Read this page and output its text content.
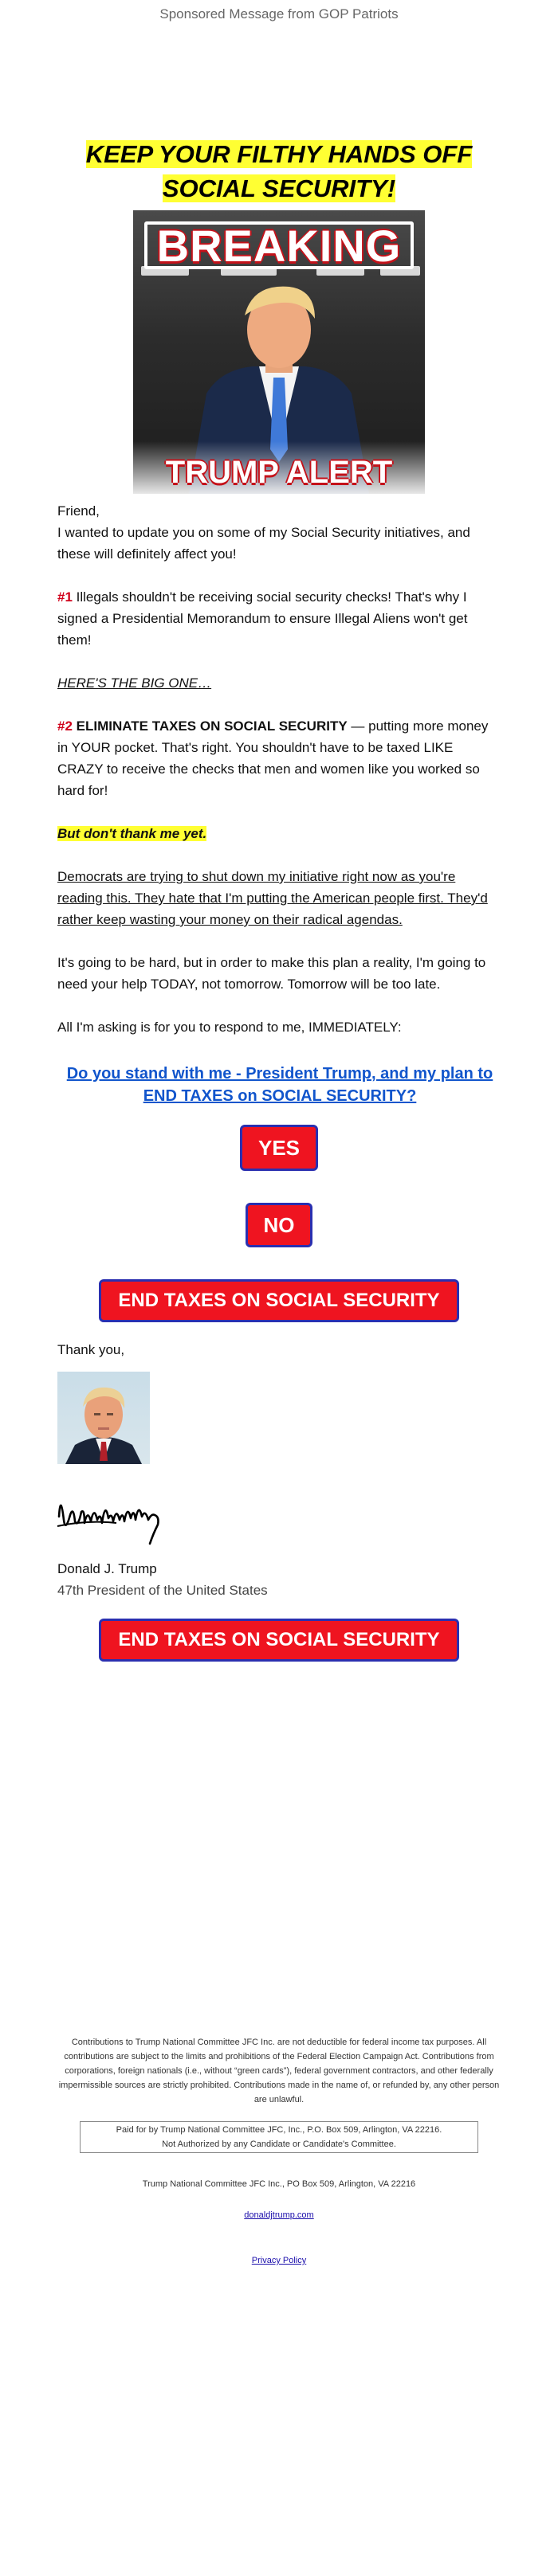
Sponsored Message from GOP Patriots
KEEP YOUR FILTHY HANDS OFF
SOCIAL SECURITY!
BREAKING
TRUMP ALERT
Friend,
I wanted to update you on some of my Social Security initiatives, and these will definitely affect you!
#1 Illegals shouldn't be receiving social security checks! That's why I signed a Presidential Memorandum to ensure Illegal Aliens won't get them!
HERE'S THE BIG ONE…
#2 ELIMINATE TAXES ON SOCIAL SECURITY — putting more money in YOUR pocket. That's right. You shouldn't have to be taxed LIKE CRAZY to receive the checks that men and women like you worked so hard for!
But don't thank me yet.
Democrats are trying to shut down my initiative right now as you're reading this. They hate that I'm putting the American people first. They'd rather keep wasting your money on their radical agendas.
It's going to be hard, but in order to make this plan a reality, I'm going to need your help TODAY, not tomorrow. Tomorrow will be too late.
All I'm asking is for you to respond to me, IMMEDIATELY:
Do you stand with me - President Trump, and my plan to END TAXES on SOCIAL SECURITY?
YES
NO
END TAXES ON SOCIAL SECURITY
Thank you,
Donald J. Trump
47th President of the United States
END TAXES ON SOCIAL SECURITY
Contributions to Trump National Committee JFC Inc. are not deductible for federal income tax purposes. All contributions are subject to the limits and prohibitions of the Federal Election Campaign Act. Contributions from corporations, foreign nationals (i.e., without “green cards”), federal government contractors, and other federally impermissible sources are strictly prohibited. Contributions made in the name of, or refunded by, any other person are unlawful.
Paid for by Trump National Committee JFC, Inc., P.O. Box 509, Arlington, VA 22216.
Not Authorized by any Candidate or Candidate's Committee.
Trump National Committee JFC Inc., PO Box 509, Arlington, VA 22216
donaldjtrump.com
Privacy Policy
